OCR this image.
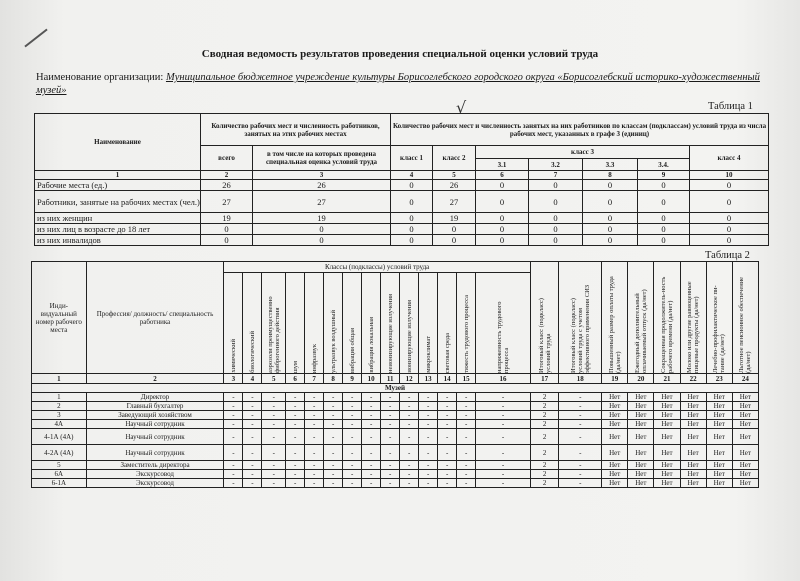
Сводная ведомость результатов проведения специальной оценки условий труда
Наименование организации: Муниципальное бюджетное учреждение культуры Борисоглебского городского округа «Борисоглебский историко-художественный музей»
√	Таблица 1
Наименование	Количество рабочих мест и численность работников, занятых на этих рабочих местах		Количество рабочих мест и численность занятых на них работников по классам (подклассам) условий труда из числа рабочих мест, указанных в графе 3 (единиц)						
	всего	в том числе на которых проведена специальная оценка условий труда	класс 1	класс 2	класс 3				класс 4
					3.1	3.2	3.3	3.4.	
1	2	3	4	5	6	7	8	9	10
Рабочие места (ед.)	26	26	0	26	0	0	0	0	0
Работники, занятые на рабочих местах (чел.)	27	27	0	27	0	0	0	0	0
из них женщин	19	19	0	19	0	0	0	0	0
из них лиц в возрасте до 18 лет	0	0	0	0	0	0	0	0	0
из них инвалидов	0	0	0	0	0	0	0	0	0
Таблица 2
Инди-видуальный номер рабочего места	Профессия/ должность/ специальность работника	Классы (подклассы) условий труда														Итоговый класс (подкласс) условий труда	Итоговый класс (подкласс) условий труда с учетом эффективного применения СИЗ	Повышенный размер оплаты труда (да/нет)	Ежегодный дополнительный оплачиваемый отпуск (да/нет)	Сокращенная продолжитель-ность рабочего времени (да/нет)	Молоко или другие равноценные пищевые продукты (да/нет)	Лечебно-профилактическое пи-тание (да/нет)	Льготное пенсионное обеспечение (да/нет)

		химический	биологический	аэрозоли преимущественно фиброгенного действия	шум	инфразвук	ультразвук воздушный	вибрация общая	вибрация локальная	неионизирующие излучения	ионизирующие излучения	микроклимат	световая среда	тяжесть трудового процесса	напряженность трудового процесса								

1	2	3	4	5	6	7	8	9	10	11	12	13	14	15	16	17	18	19	20	21	22	23	24
Музей																							
1	Директор	-	-	-	-	-	-	-	-	-	-	-	-	-	-	2	-	Нет	Нет	Нет	Нет	Нет	Нет
2	Главный бухгалтер	-	-	-	-	-	-	-	-	-	-	-	-	-	-	2	-	Нет	Нет	Нет	Нет	Нет	Нет
3	Заведующий хозяйством	-	-	-	-	-	-	-	-	-	-	-	-	-	-	2	-	Нет	Нет	Нет	Нет	Нет	Нет
4А	Научный сотрудник	-	-	-	-	-	-	-	-	-	-	-	-	-	-	2	-	Нет	Нет	Нет	Нет	Нет	Нет
4-1А (4А)	Научный сотрудник	-	-	-	-	-	-	-	-	-	-	-	-	-	-	2	-	Нет	Нет	Нет	Нет	Нет	Нет
4-2А (4А)	Научный сотрудник	-	-	-	-	-	-	-	-	-	-	-	-	-	-	2	-	Нет	Нет	Нет	Нет	Нет	Нет
5	Заместитель директора	-	-	-	-	-	-	-	-	-	-	-	-	-	-	2	-	Нет	Нет	Нет	Нет	Нет	Нет
6А	Экскурсовод	-	-	-	-	-	-	-	-	-	-	-	-	-	-	2	-	Нет	Нет	Нет	Нет	Нет	Нет
6-1А	Экскурсовод	-	-	-	-	-	-	-	-	-	-	-	-	-	-	2	-	Нет	Нет	Нет	Нет	Нет	Нет
